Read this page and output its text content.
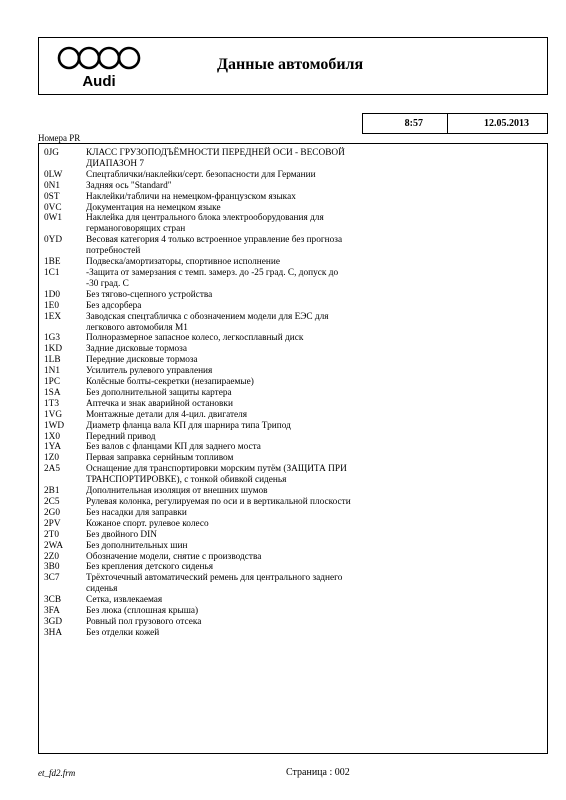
Audi
Данные автомобиля
8:57	12.05.2013
Номера PR
0JG	КЛАСС ГРУЗОПОДЪЁМНОСТИ ПЕРЕДНЕЙ ОСИ - ВЕСОВОЙ ДИАПАЗОН 7
0LW	Спецтаблички/наклейки/серт. безопасности для Германии
0N1	Задняя ось "Standard"
0ST	Наклейки/табличи на немецком-французском языках
0VC	Документация на немецком языке
0W1	Наклейка для центрального блока электрооборудования для германоговорящих стран
0YD	Весовая категория 4 только встроенное управление без прогноза потребностей
1BE	Подвеска/амортизаторы, спортивное исполнение
1C1	-Защита от замерзания с темп. замерз. до -25 град. С, допуск до -30 град. С
1D0	Без тягово-сцепного устройства
1E0	Без адсорбера
1EX	Заводская спецтабличка с обозначением модели для ЕЭС для легкового автомобиля М1
1G3	Полноразмерное запасное колесо, легкосплавный диск
1KD	Задние дисковые тормоза
1LB	Передние дисковые тормоза
1N1	Усилитель рулевого управления
1PC	Колёсные болты-секретки (незапираемые)
1SA	Без дополнительной защиты картера
1T3	Аптечка и знак аварийной остановки
1VG	Монтажные детали для 4-цил. двигателя
1WD	Диаметр фланца вала КП для шарнира типа Трипод
1X0	Передний привод
1YA	Без валов с фланцами КП для заднего моста
1Z0	Первая заправка сернйным топливом
2A5	Оснащение для транспортировки морским путём (ЗАЩИТА ПРИ ТРАНСПОРТИРОВКЕ), с тонкой обивкой сиденья
2B1	Дополнительная изоляция от внешних шумов
2C5	Рулевая колонка, регулируемая по оси и в вертикальной плоскости
2G0	Без насадки для заправки
2PV	Кожаное спорт. рулевое колесо
2T0	Без двойного DIN
2WA	Без дополнительных шин
2Z0	Обозначение модели, снятие с производства
3B0	Без крепления детского сиденья
3C7	Трёхточечный автоматический ремень для центрального заднего сиденья
3CB	Сетка, извлекаемая
3FA	Без люка (сплошная крыша)
3GD	Ровный пол грузового отсека
3HA	Без отделки кожей
et_fd2.frm	Страница : 002
